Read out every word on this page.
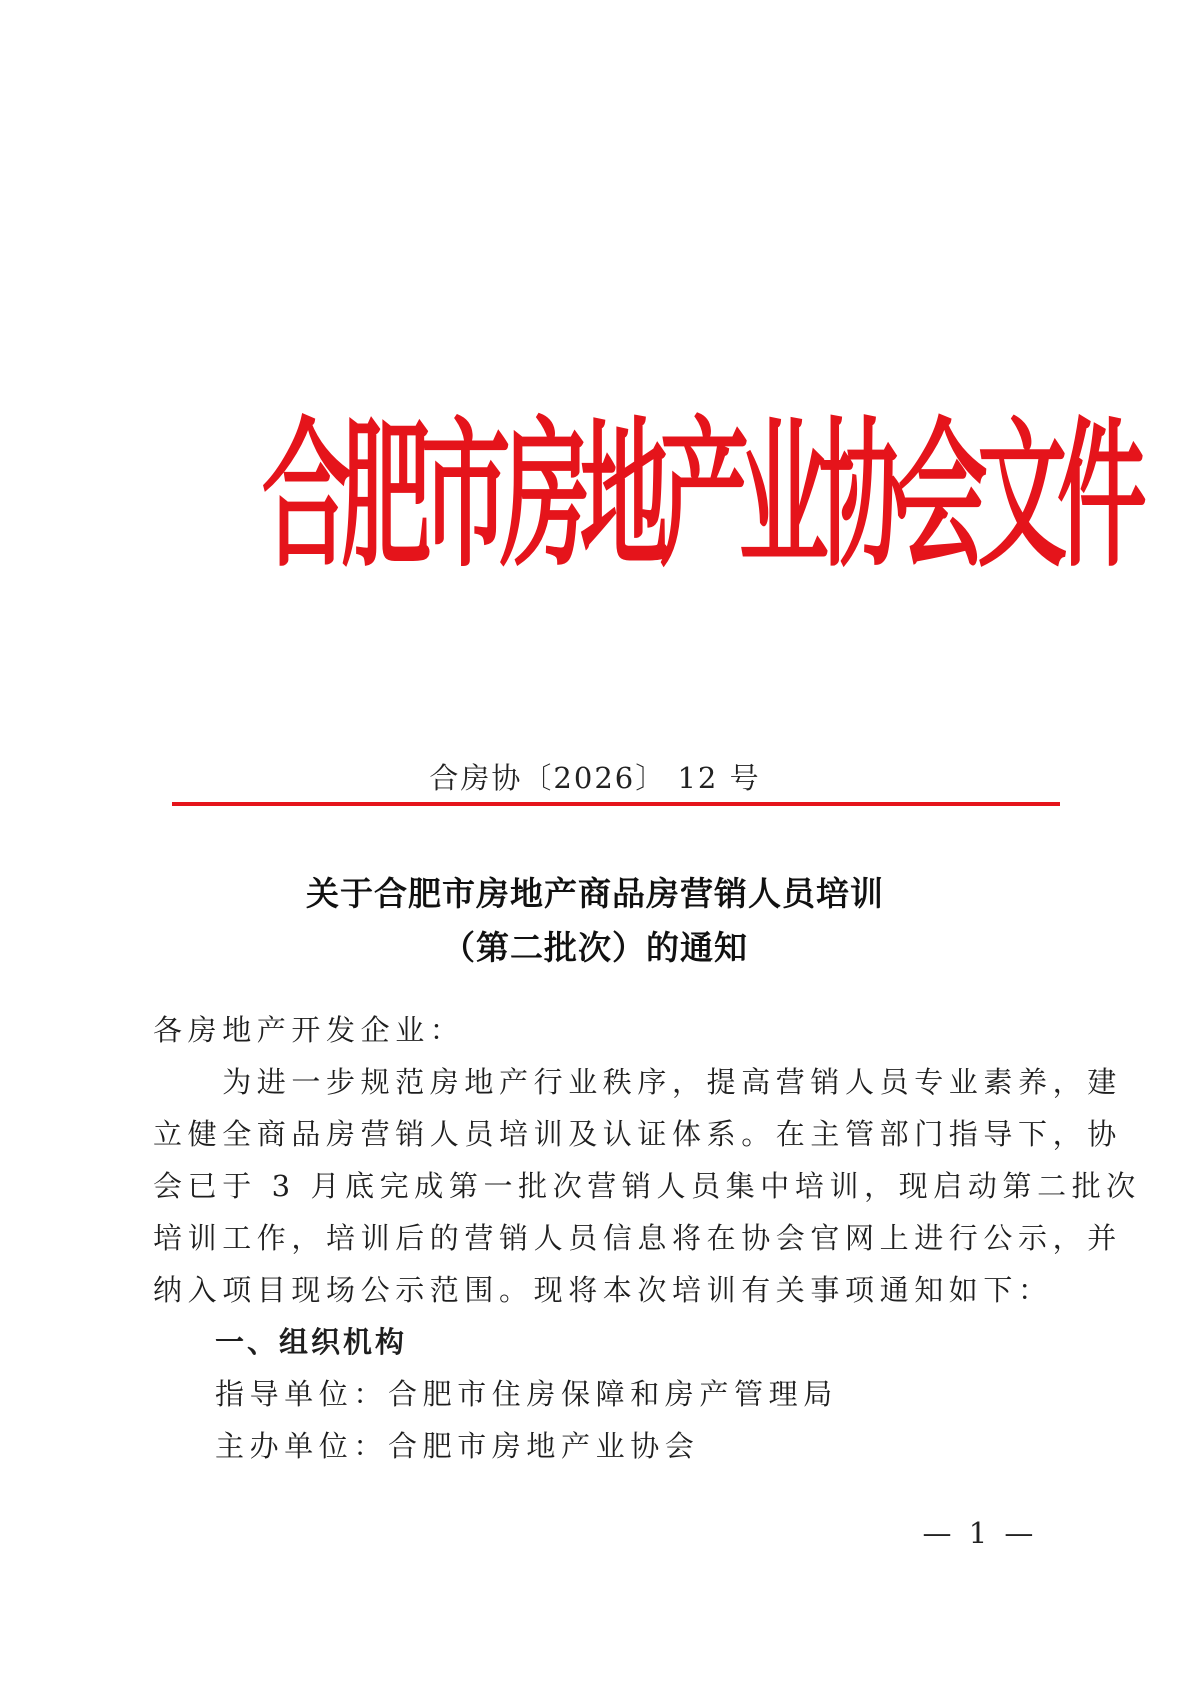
合肥市房地产业协会文件
合房协〔2026〕 12 号
关于合肥市房地产商品房营销人员培训
（第二批次）的通知
各房地产开发企业：
　　为进一步规范房地产行业秩序，提高营销人员专业素养，建
立健全商品房营销人员培训及认证体系。在主管部门指导下，协
会已于 3 月底完成第一批次营销人员集中培训，现启动第二批次
培训工作，培训后的营销人员信息将在协会官网上进行公示，并
纳入项目现场公示范围。现将本次培训有关事项通知如下：
一、组织机构
指导单位：合肥市住房保障和房产管理局
主办单位：合肥市房地产业协会
— 1 —
